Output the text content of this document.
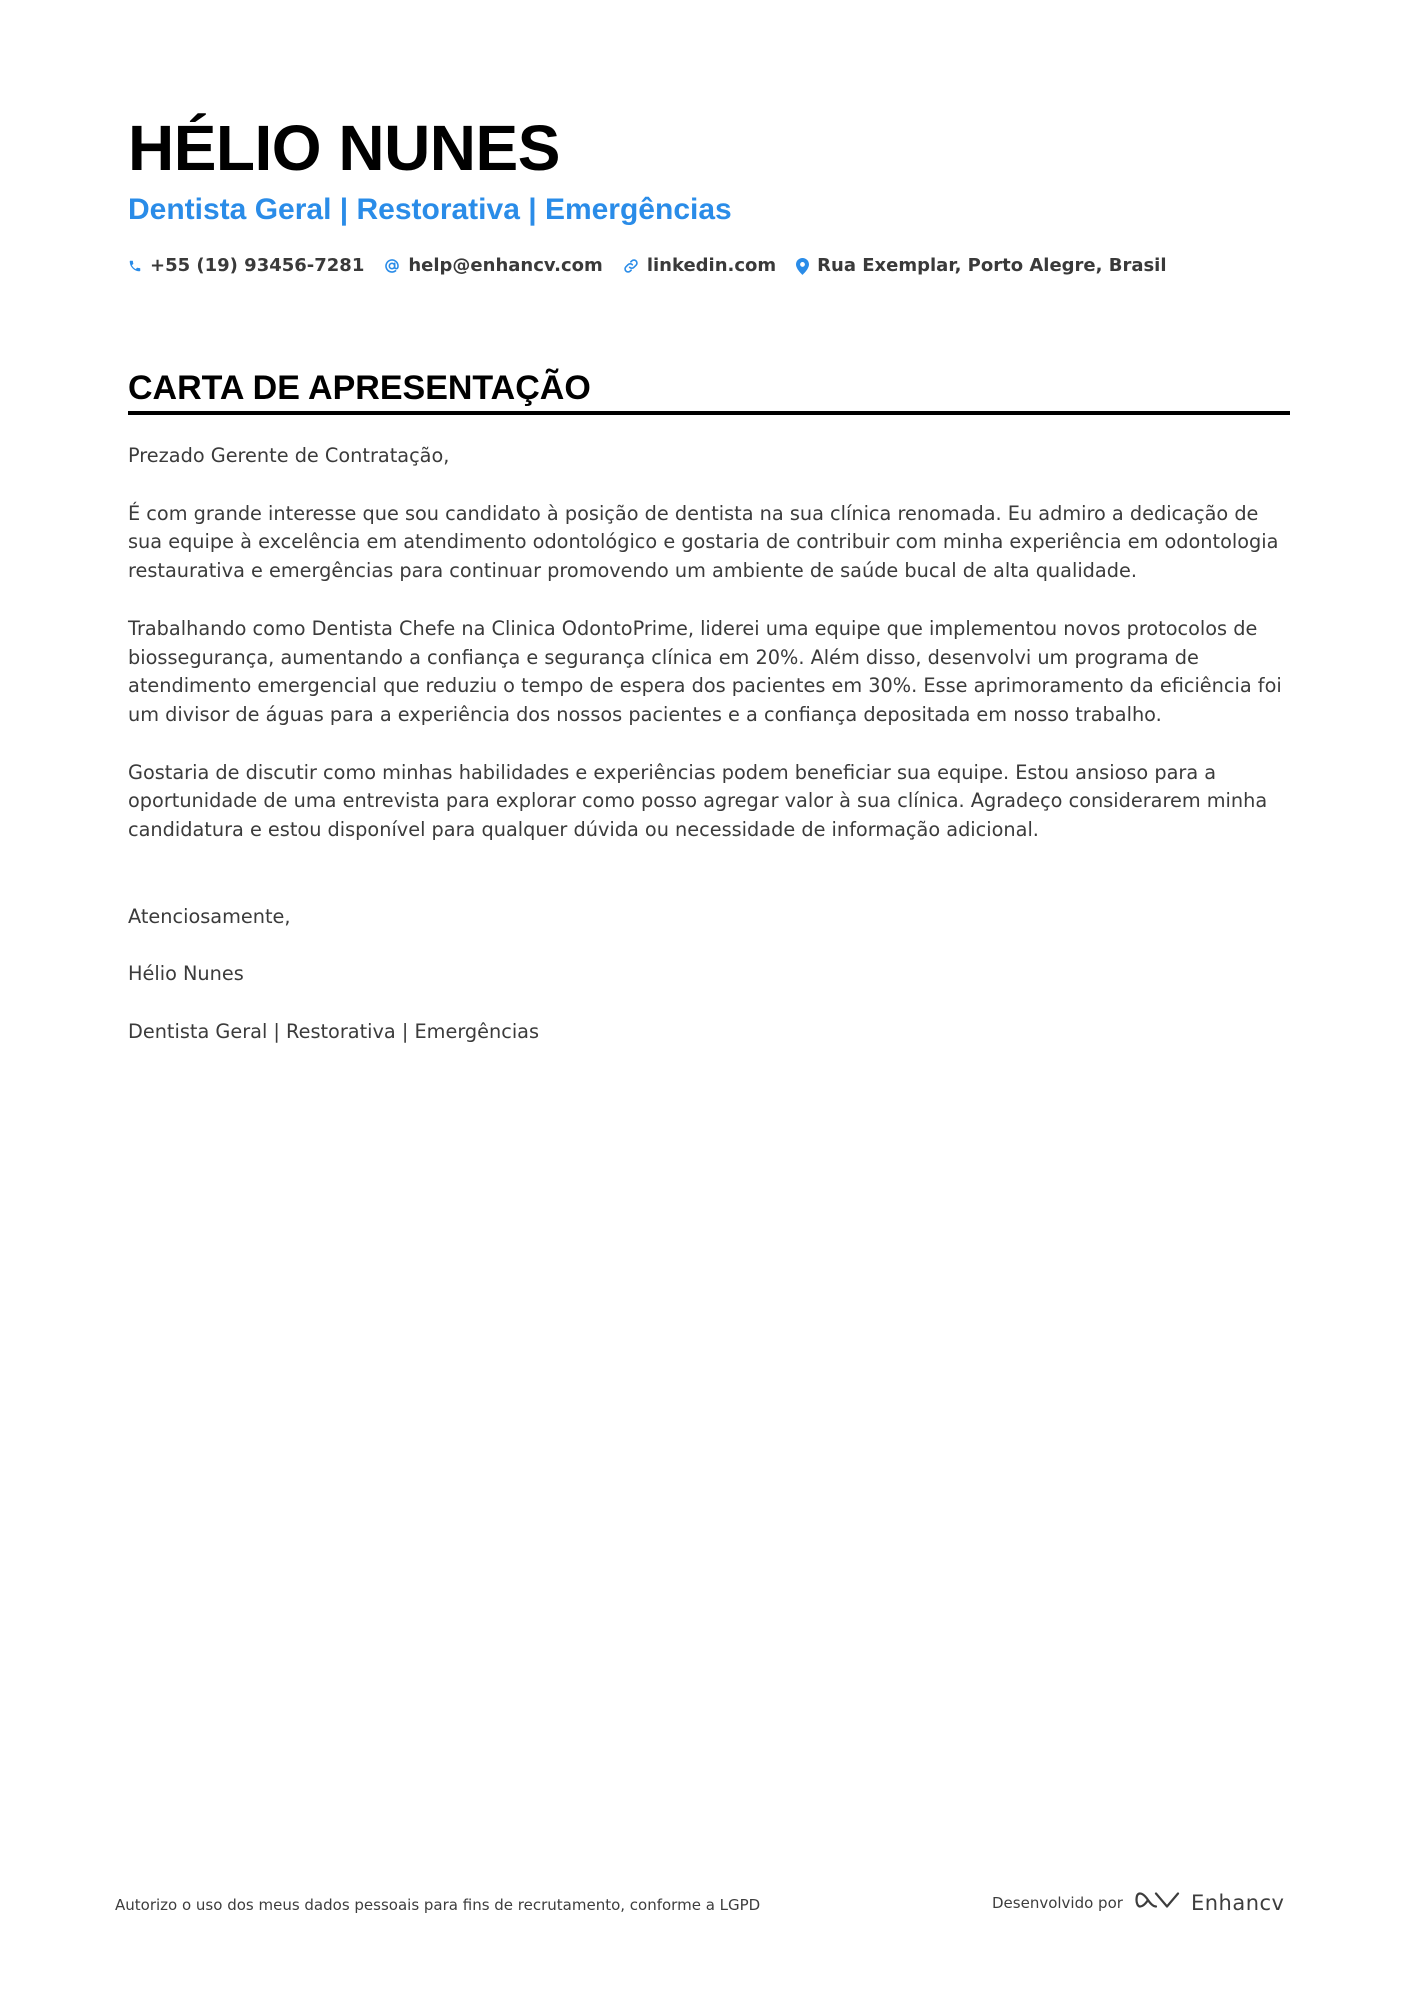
HÉLIO NUNES
Dentista Geral | Restorativa | Emergências
+55 (19) 93456-7281 help@enhancv.com linkedin.com Rua Exemplar, Porto Alegre, Brasil
CARTA DE APRESENTAÇÃO

Prezado Gerente de Contratação,

É com grande interesse que sou candidato à posição de dentista na sua clínica renomada. Eu admiro a dedicação de sua equipe à excelência em atendimento odontológico e gostaria de contribuir com minha experiência em odontologia restaurativa e emergências para continuar promovendo um ambiente de saúde bucal de alta qualidade.

Trabalhando como Dentista Chefe na Clinica OdontoPrime, liderei uma equipe que implementou novos protocolos de biossegurança, aumentando a confiança e segurança clínica em 20%. Além disso, desenvolvi um programa de atendimento emergencial que reduziu o tempo de espera dos pacientes em 30%. Esse aprimoramento da eficiência foi um divisor de águas para a experiência dos nossos pacientes e a confiança depositada em nosso trabalho.

Gostaria de discutir como minhas habilidades e experiências podem beneficiar sua equipe. Estou ansioso para a oportunidade de uma entrevista para explorar como posso agregar valor à sua clínica. Agradeço considerarem minha candidatura e estou disponível para qualquer dúvida ou necessidade de informação adicional.

Atenciosamente,

Hélio Nunes

Dentista Geral | Restorativa | Emergências

Autorizo o uso dos meus dados pessoais para fins de recrutamento, conforme a LGPD	Desenvolvido por	Enhancv
